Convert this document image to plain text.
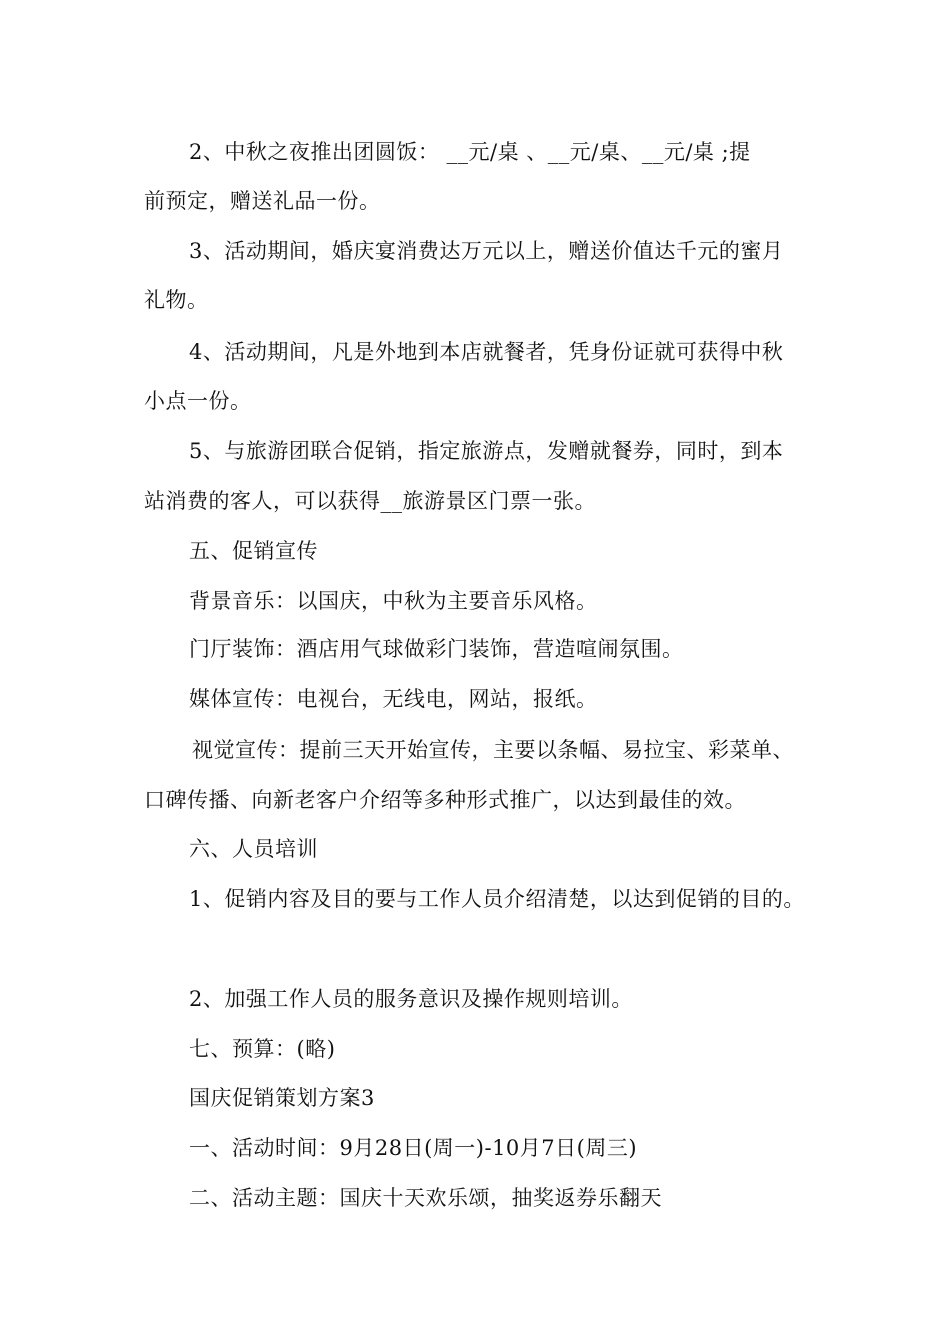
2、中秋之夜推出团圆饭： __元/桌 、__元/桌、__元/桌 ;提
前预定，赠送礼品一份。
3、活动期间，婚庆宴消费达万元以上，赠送价值达千元的蜜月
礼物。
4、活动期间，凡是外地到本店就餐者，凭身份证就可获得中秋
小点一份。
5、与旅游团联合促销，指定旅游点，发赠就餐券，同时，到本
站消费的客人，可以获得__旅游景区门票一张。
五、促销宣传
背景音乐：以国庆，中秋为主要音乐风格。
门厅装饰：酒店用气球做彩门装饰，营造喧闹氛围。
媒体宣传：电视台，无线电，网站，报纸。
视觉宣传：提前三天开始宣传，主要以条幅、易拉宝、彩菜单、
口碑传播、向新老客户介绍等多种形式推广，以达到最佳的效。
六、人员培训
1、促销内容及目的要与工作人员介绍清楚，以达到促销的目的。
2、加强工作人员的服务意识及操作规则培训。
七、预算：(略)
国庆促销策划方案3
一、活动时间：9月28日(周一)-10月7日(周三)
二、活动主题：国庆十天欢乐颂，抽奖返券乐翻天
